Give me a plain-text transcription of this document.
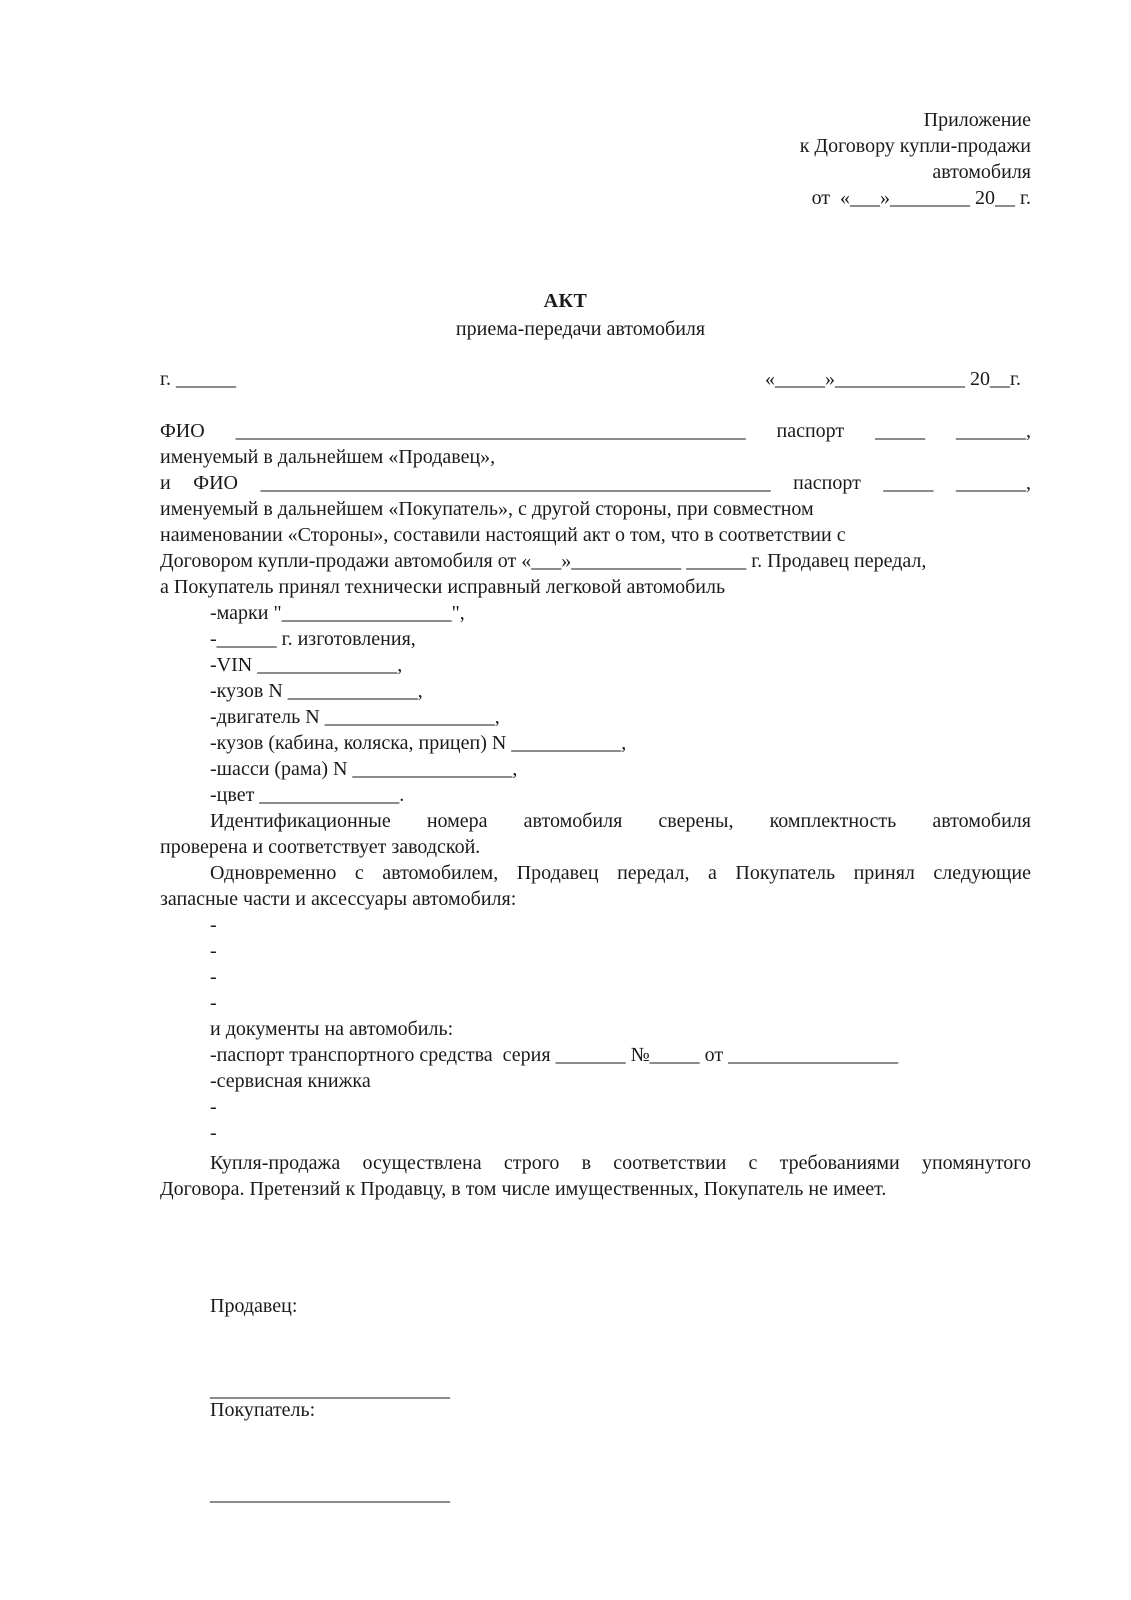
Приложение
к Договору купли-продажи
автомобиля
от  «___»________ 20__ г.
АКТ
приема-передачи автомобиля

г. ______

	«_____»_____________ 20__г.

ФИО ___________________________________________________ паспорт _____ _______,
именуемый в дальнейшем «Продавец»,
и ФИО ___________________________________________________ паспорт _____ _______,
именуемый в дальнейшем «Покупатель», с другой стороны, при совместном
наименовании «Стороны», составили настоящий акт о том, что в соответствии с
Договором купли-продажи автомобиля от «___»___________ ______ г. Продавец передал,
а Покупатель принял технически исправный легковой автомобиль
-марки "_________________",
-______ г. изготовления,
-VIN ______________,
-кузов N _____________,
-двигатель N _________________,
-кузов (кабина, коляска, прицеп) N ___________,
-шасси (рама) N ________________,
-цвет ______________.
Идентификационные номера автомобиля сверены, комплектность автомобиля
проверена и соответствует заводской.
Одновременно с автомобилем, Продавец передал, а Покупатель принял следующие
запасные части и аксессуары автомобиля:
-
-
-
-
и документы на автомобиль:
-паспорт транспортного средства  серия _______ №_____ от _________________
-сервисная книжка
-
-
Купля-продажа осуществлена строго в соответствии с требованиями упомянутого
Договора. Претензий к Продавцу, в том числе имущественных, Покупатель не имеет.

Продавец:

________________________

Покупатель:

________________________
